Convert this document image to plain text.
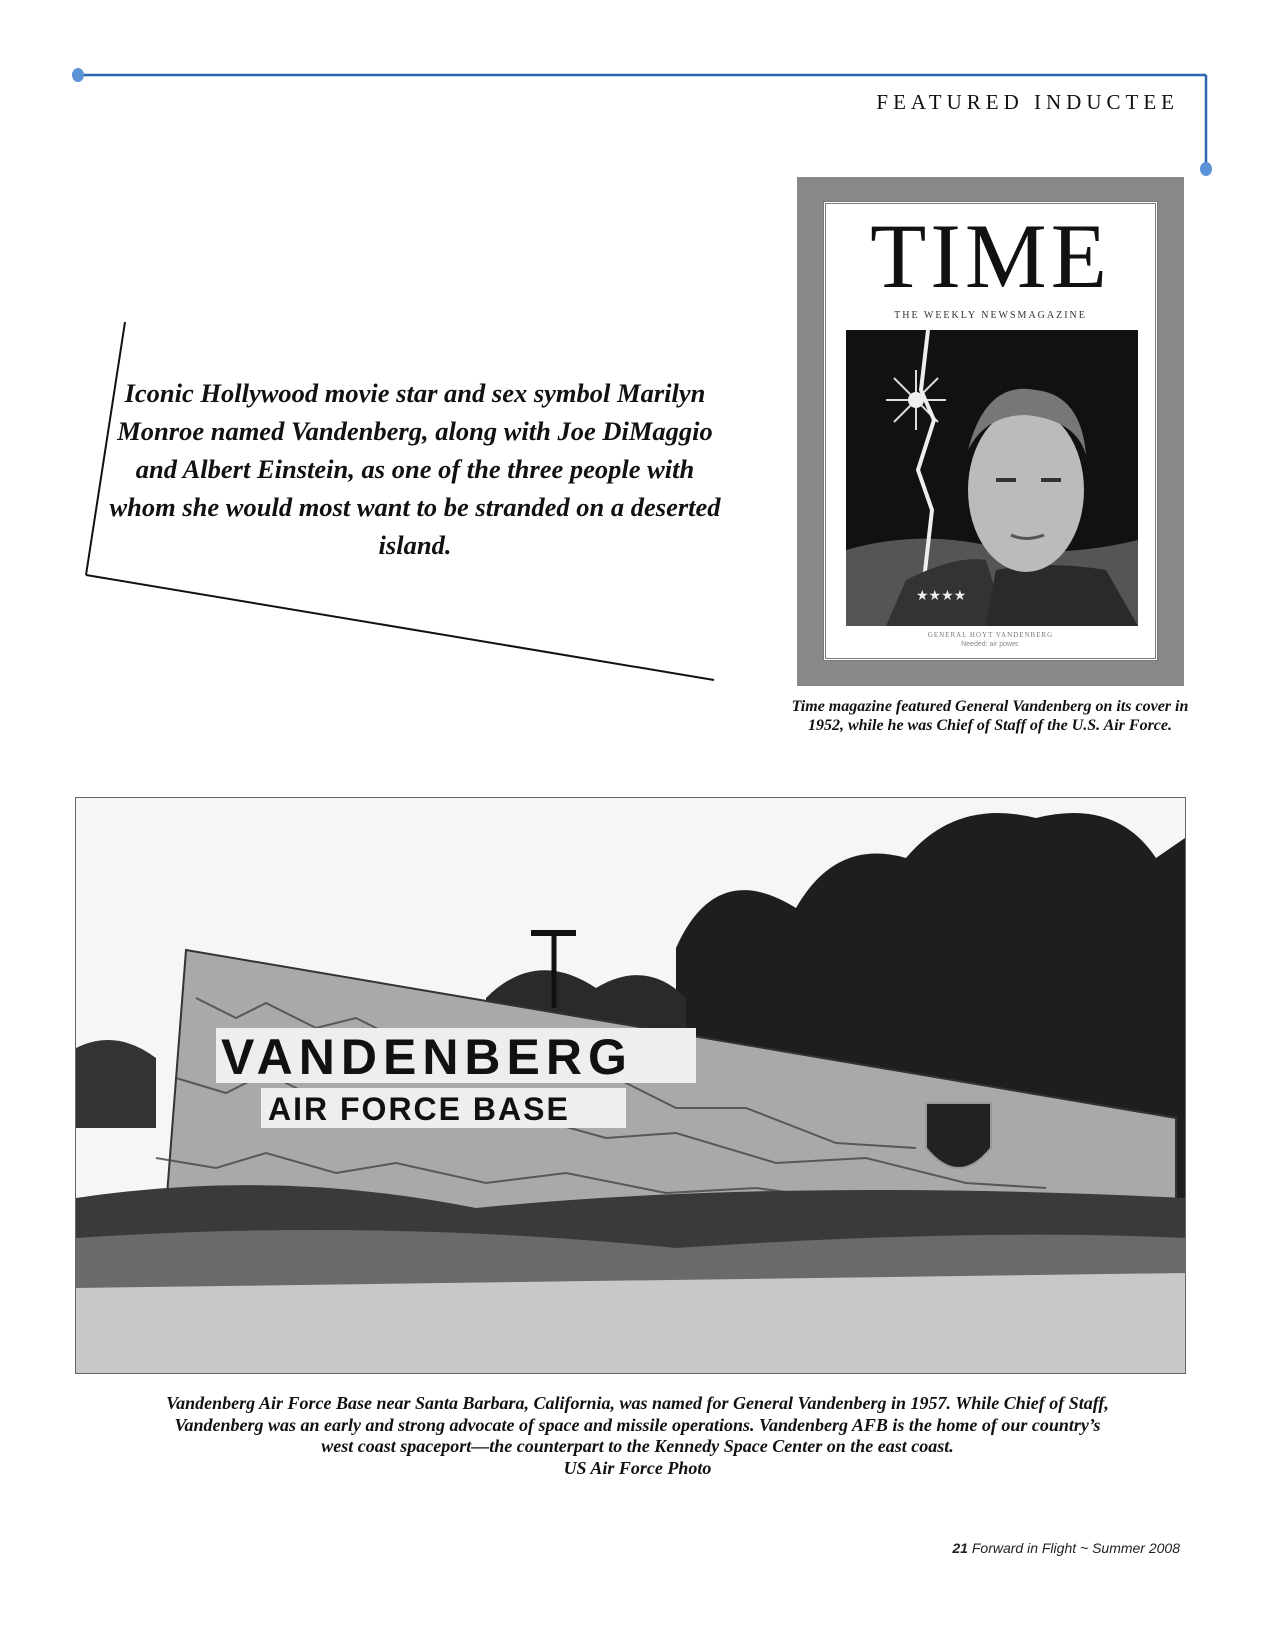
FEATURED INDUCTEE
Iconic Hollywood movie star and sex symbol Marilyn Monroe named Vandenberg, along with Joe DiMaggio and Albert Einstein, as one of the three people with whom she would most want to be stranded on a deserted island.
TIME
THE WEEKLY NEWSMAGAZINE
★★★★
GENERAL HOYT VANDENBERG
Needed: air power.
Time magazine featured General Vandenberg on its cover in 1952, while he was Chief of Staff of the U.S. Air Force.
VANDENBERG
AIR FORCE BASE
Vandenberg Air Force Base near Santa Barbara, California, was named for General Vandenberg in 1957. While Chief of Staff,
Vandenberg was an early and strong advocate of space and missile operations. Vandenberg AFB is the home of our country’s
west coast spaceport—the counterpart to the Kennedy Space Center on the east coast.
US Air Force Photo
21 Forward in Flight ~ Summer 2008
